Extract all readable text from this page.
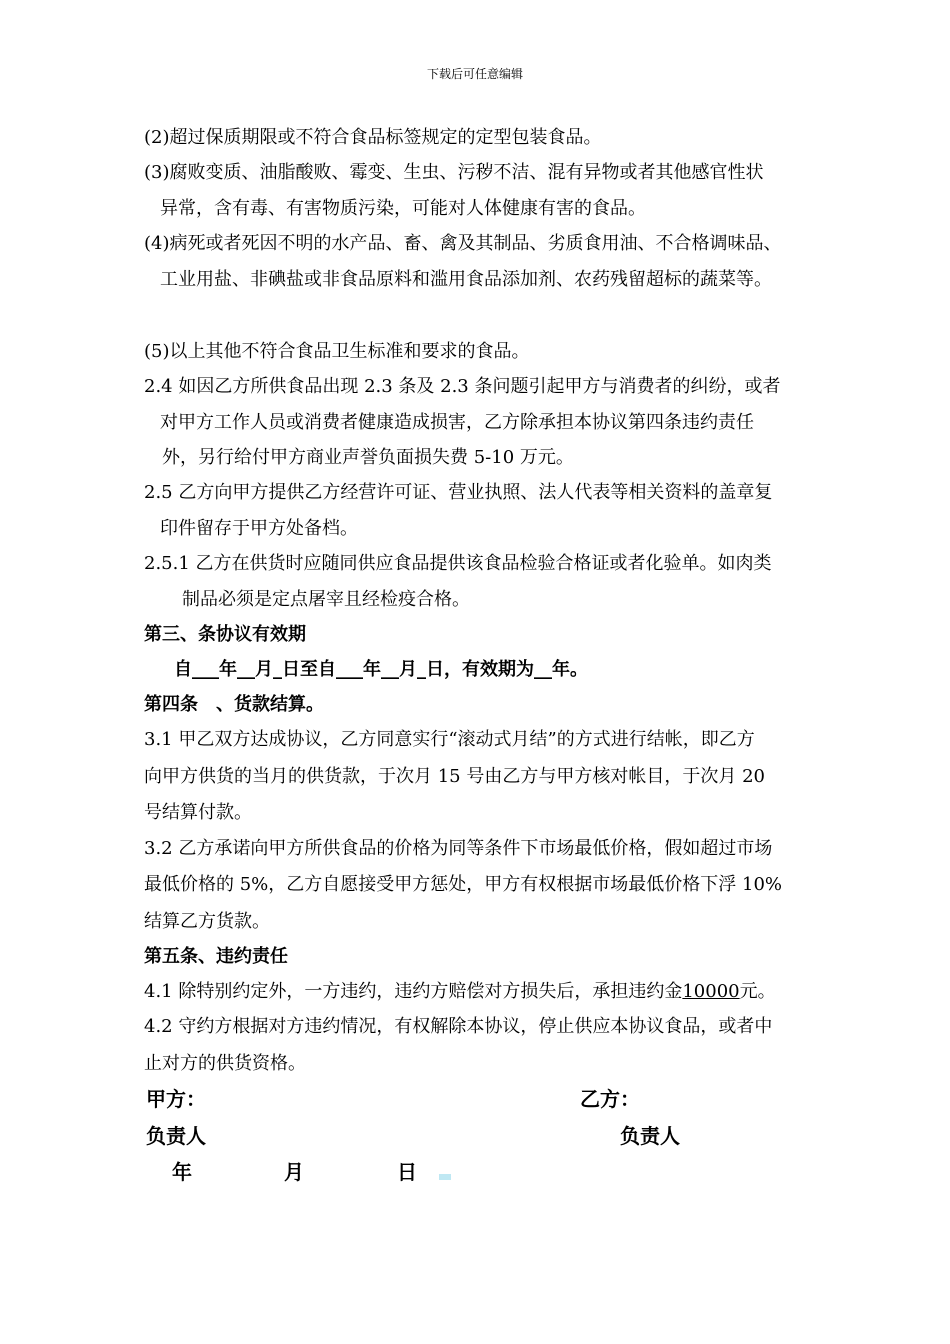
下载后可任意编辑
(2)超过保质期限或不符合食品标签规定的定型包装食品。
(3)腐败变质、油脂酸败、霉变、生虫、污秽不洁、混有异物或者其他感官性状
异常，含有毒、有害物质污染，可能对人体健康有害的食品。
(4)病死或者死因不明的水产品、畜、禽及其制品、劣质食用油、不合格调味品、
工业用盐、非碘盐或非食品原料和滥用食品添加剂、农药残留超标的蔬菜等。
(5)以上其他不符合食品卫生标准和要求的食品。
2.4 如因乙方所供食品出现 2.3 条及 2.3 条问题引起甲方与消费者的纠纷，或者
对甲方工作人员或消费者健康造成损害，乙方除承担本协议第四条违约责任
外，另行给付甲方商业声誉负面损失费 5-10 万元。
2.5 乙方向甲方提供乙方经营许可证、营业执照、法人代表等相关资料的盖章复
印件留存于甲方处备档。
2.5.1 乙方在供货时应随同供应食品提供该食品检验合格证或者化验单。如肉类
制品必须是定点屠宰且经检疫合格。
第三、条协议有效期
自___年__月_日至自___年__月_日，有效期为__年。
第四条　、货款结算。
3.1 甲乙双方达成协议，乙方同意实行“滚动式月结”的方式进行结帐，即乙方
向甲方供货的当月的供货款，于次月 15 号由乙方与甲方核对帐目，于次月 20
号结算付款。
3.2 乙方承诺向甲方所供食品的价格为同等条件下市场最低价格，假如超过市场
最低价格的 5%，乙方自愿接受甲方惩处，甲方有权根据市场最低价格下浮 10%
结算乙方货款。
第五条、违约责任
4.1 除特别约定外，一方违约，违约方赔偿对方损失后，承担违约金10000元。
4.2 守约方根据对方违约情况，有权解除本协议，停止供应本协议食品，或者中
止对方的供货资格。
甲方：	乙方：
负责人	负责人
年	月	日
